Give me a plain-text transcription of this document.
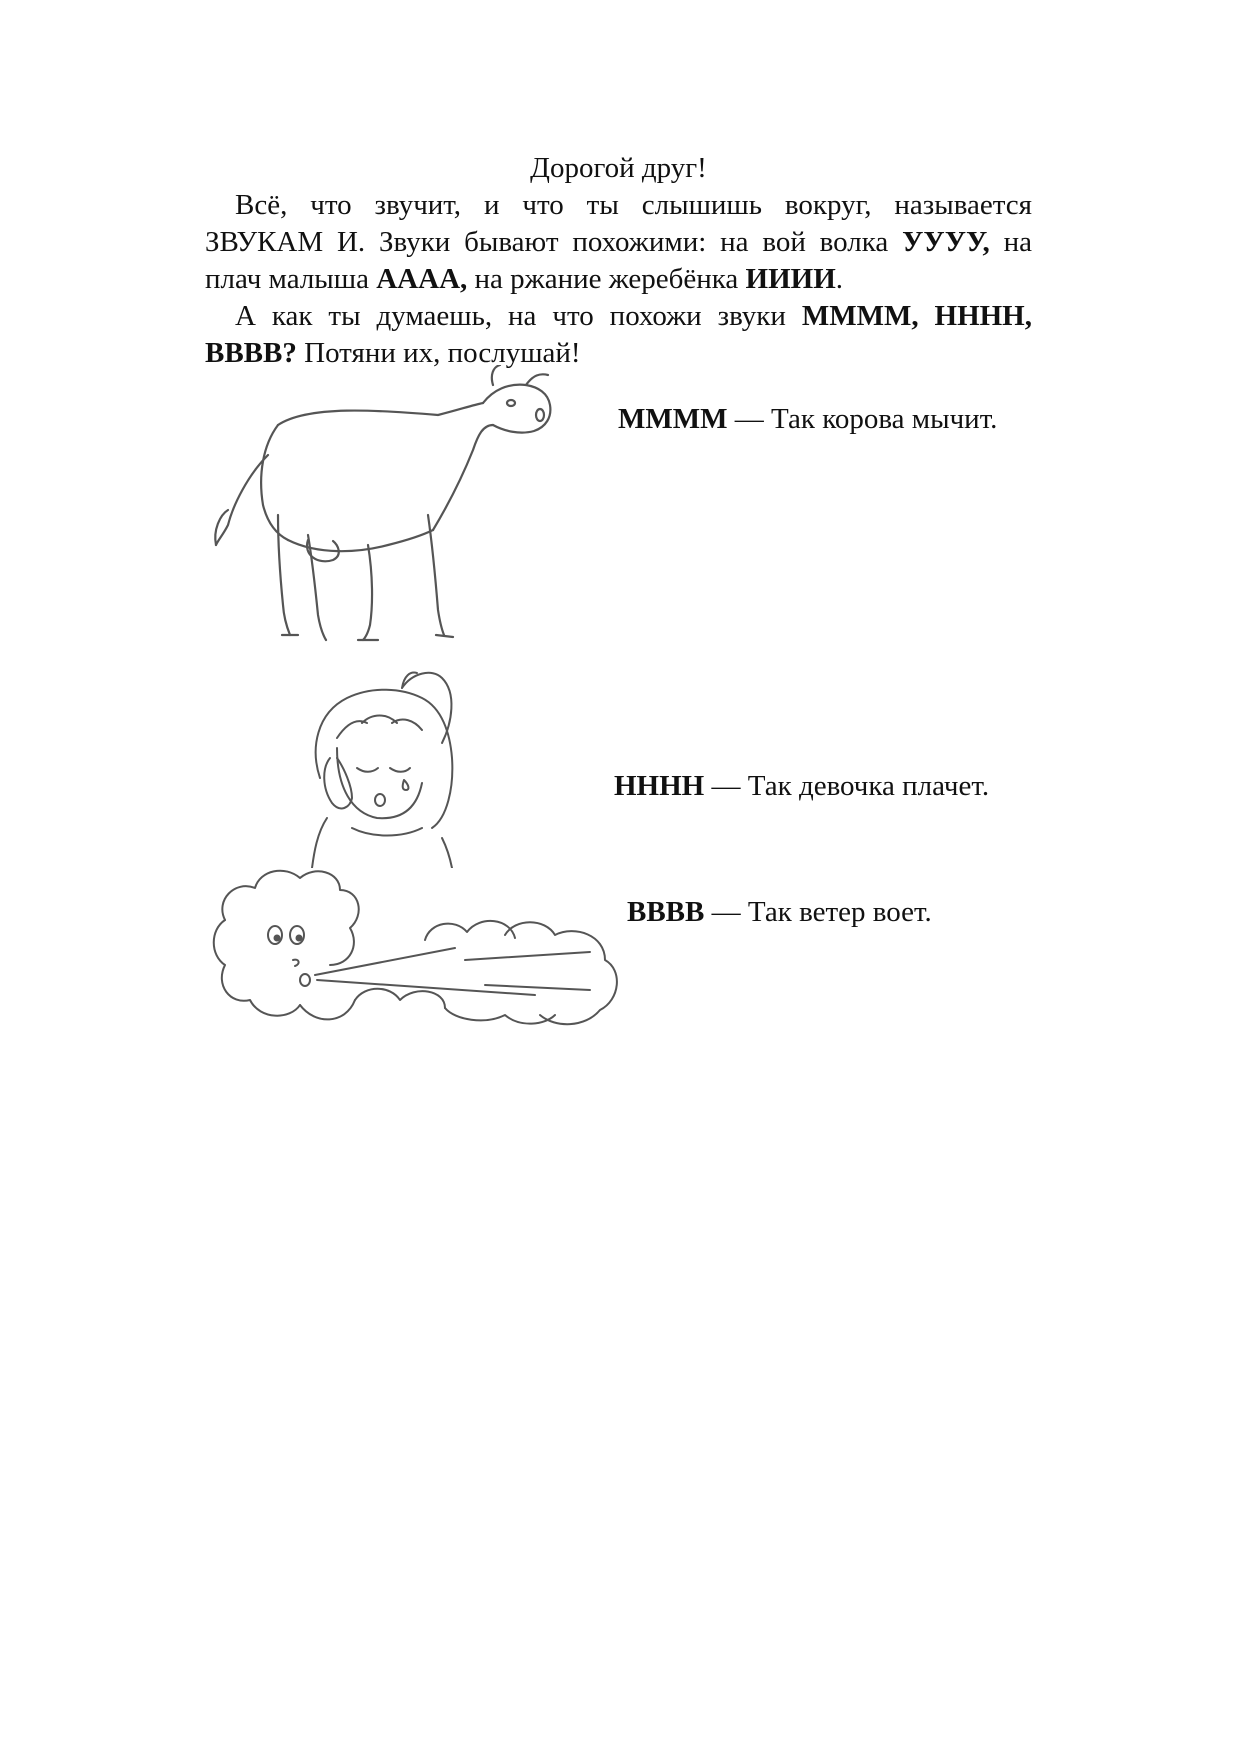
Дорогой друг!

Всё, что звучит, и что ты слышишь вокруг, называется ЗВУКАМ И. Звуки бывают похожими: на вой волка УУУУ, на плач малыша АААА, на ржание жеребёнка ИИИИ.

А как ты думаешь, на что похожи звуки ММММ, НННН, ВВВВ? Потяни их, послушай!

ММММ — Так корова мычит.
НННН — Так девочка плачет.
ВВВВ — Так ветер воет.
